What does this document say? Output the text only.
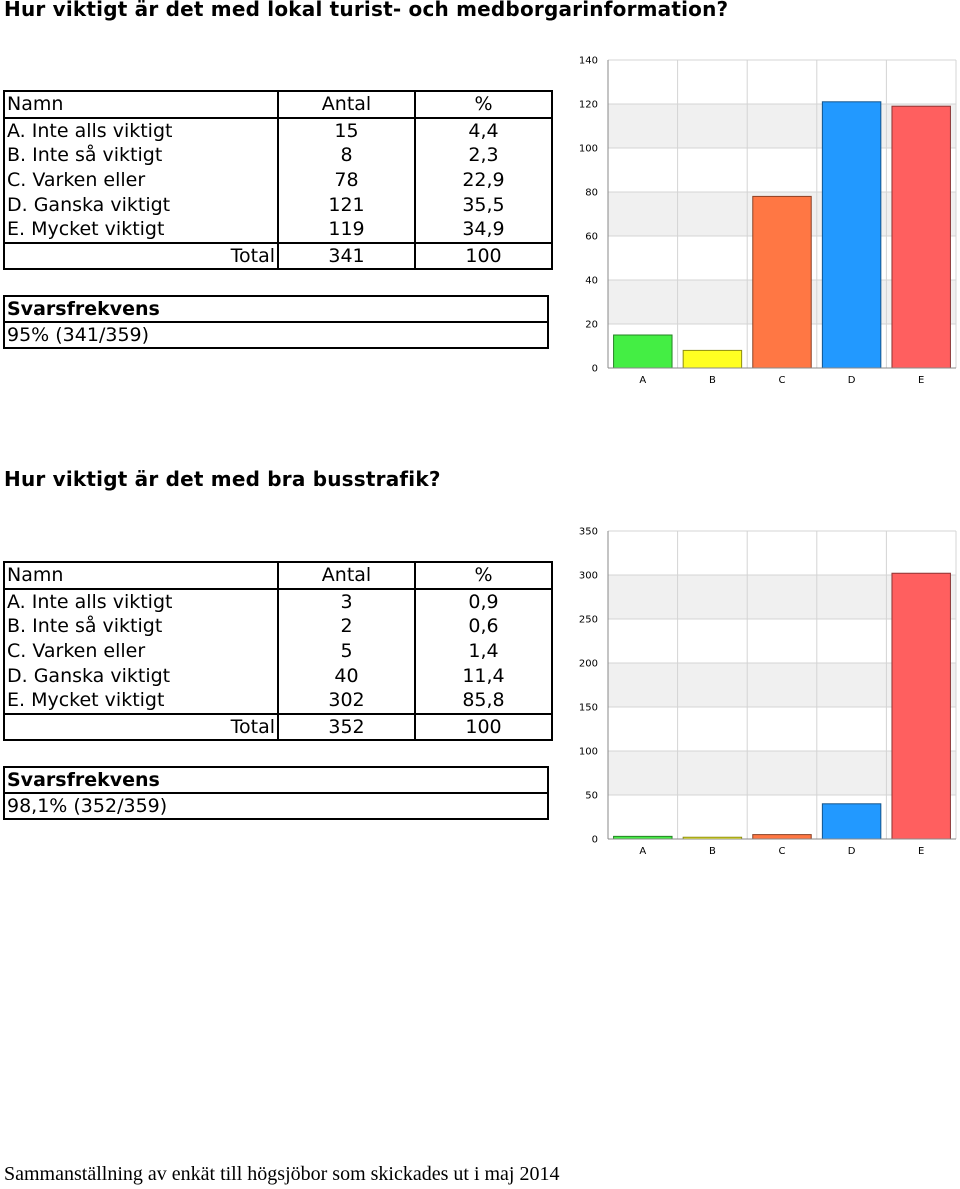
Hur viktigt är det med lokal turist- och medborgarinformation?
Namn	Antal	%
A. Inte alls viktigt	15	4,4
B. Inte så viktigt	8	2,3
C. Varken eller	78	22,9
D. Ganska viktigt	121	35,5
E. Mycket viktigt	119	34,9
Total	341	100
Svarsfrekvens
95% (341/359)
0
20
40
60
80
100
120
140
A	B	C	D	E
Hur viktigt är det med bra busstrafik?
Namn	Antal	%
A. Inte alls viktigt	3	0,9
B. Inte så viktigt	2	0,6
C. Varken eller	5	1,4
D. Ganska viktigt	40	11,4
E. Mycket viktigt	302	85,8
Total	352	100
Svarsfrekvens
98,1% (352/359)
0
50
100
150
200
250
300
350
A	B	C	D	E
Sammanställning av enkät till högsjöbor som skickades ut i maj 2014
